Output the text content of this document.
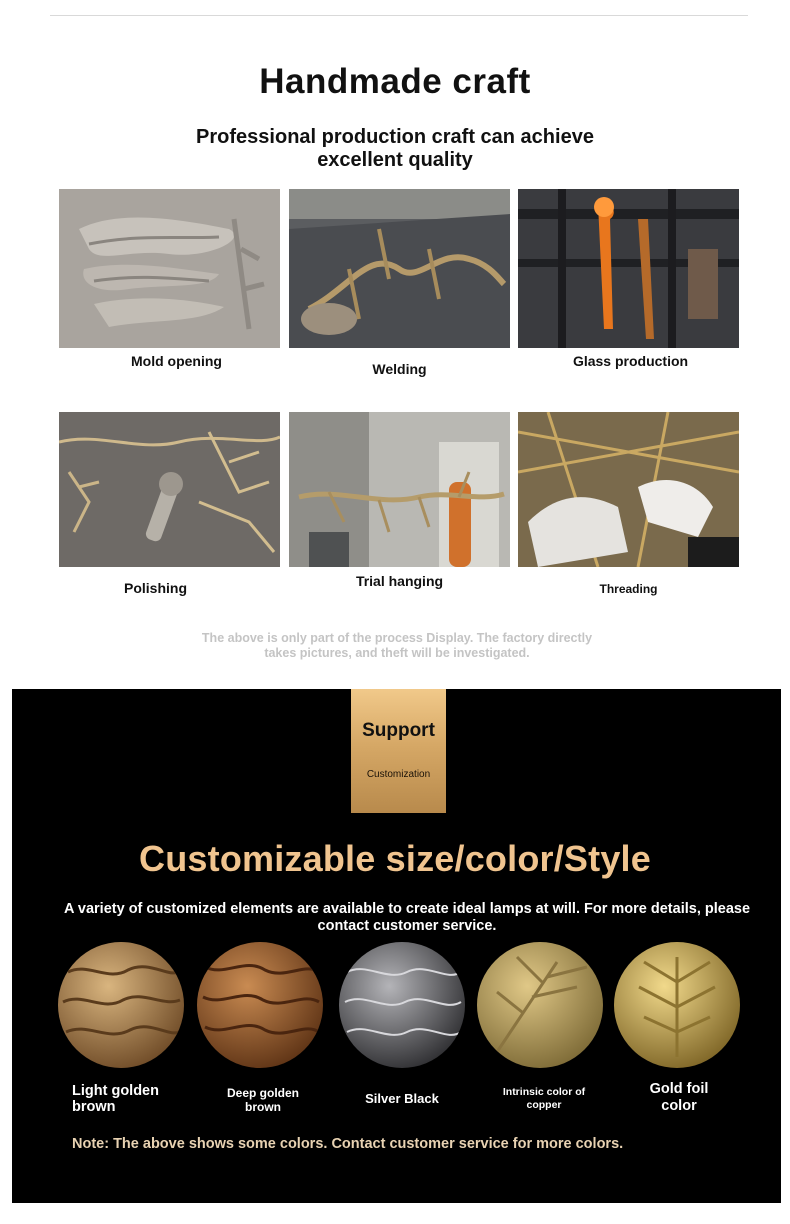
Handmade craft
Professional production craft can achieve excellent quality
Mold opening	Welding	Glass production
Polishing	Trial hanging	Threading
The above is only part of the process Display. The factory directly takes pictures, and theft will be investigated.
Support
Customization
Customizable size/color/Style
A variety of customized elements are available to create ideal lamps at will. For more details, please contact customer service.
Light golden brown
Deep golden brown
Silver Black	Intrinsic color of copper
Gold foil color
Note: The above shows some colors. Contact customer service for more colors.
